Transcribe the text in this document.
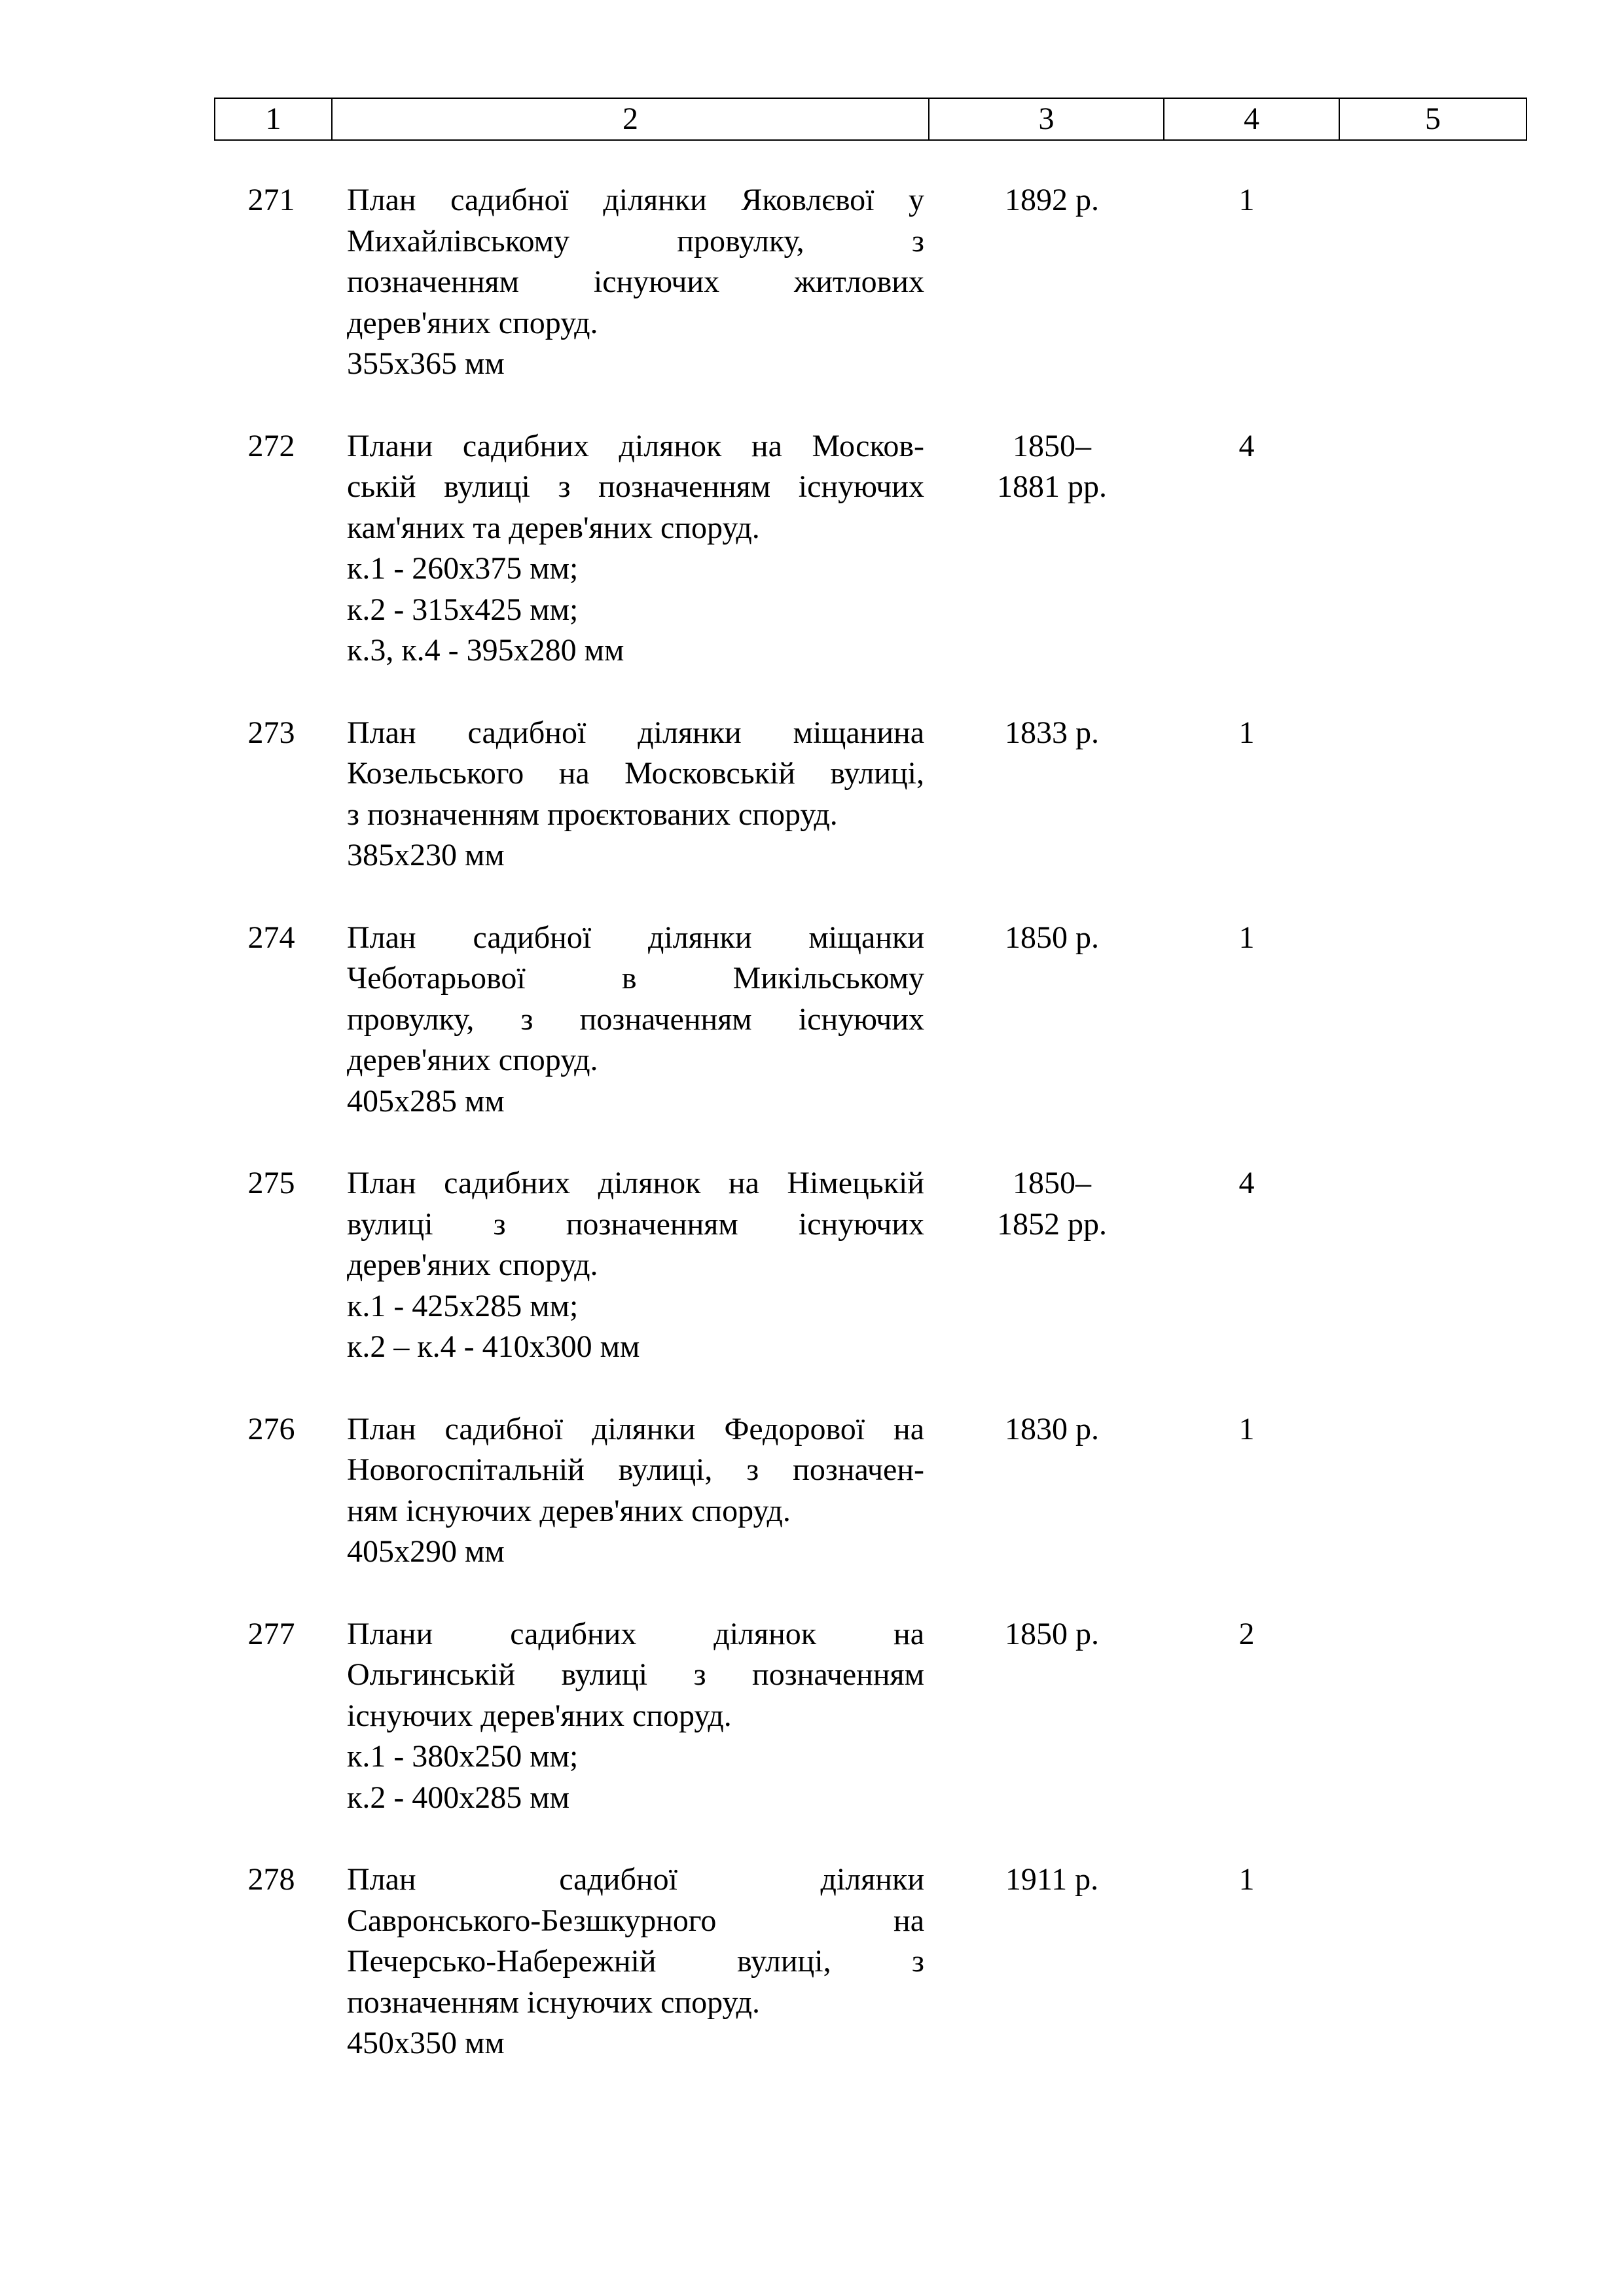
1	2	3	4	5
271	План садибної ділянки Яковлєвої у
Михайлівському провулку, з
позначенням існуючих житлових
дерев'яних споруд.
355х365 мм
1892 р.	1
272	Плани садибних ділянок на Москов-
ській вулиці з позначенням існуючих
кам'яних та дерев'яних споруд.
к.1 - 260х375 мм;
к.2 - 315х425 мм;
к.3, к.4 - 395х280 мм
1850–
1881 рр.
4
273	План садибної ділянки міщанина
Козельського на Московській вулиці,
з позначенням проєктованих споруд.
385х230 мм
1833 р.	1
274	План садибної ділянки міщанки
Чеботарьової в Микільському
провулку, з позначенням існуючих
дерев'яних споруд.
405х285 мм
1850 р.	1
275	План садибних ділянок на Німецькій
вулиці з позначенням існуючих
дерев'яних споруд.
к.1 - 425х285 мм;
к.2 – к.4 - 410х300 мм
1850–
1852 рр.
4
276	План садибної ділянки Федорової на
Новогоспітальній вулиці, з позначен-
ням існуючих дерев'яних споруд.
405х290 мм
1830 р.	1
277	Плани садибних ділянок на
Ольгинській вулиці з позначенням
існуючих дерев'яних споруд.
к.1 - 380х250 мм;
к.2 - 400х285 мм
1850 р.	2
278	План садибної ділянки
Савронського-Безшкурного на
Печерсько-Набережній вулиці, з
позначенням існуючих споруд.
450х350 мм
1911 р.	1
